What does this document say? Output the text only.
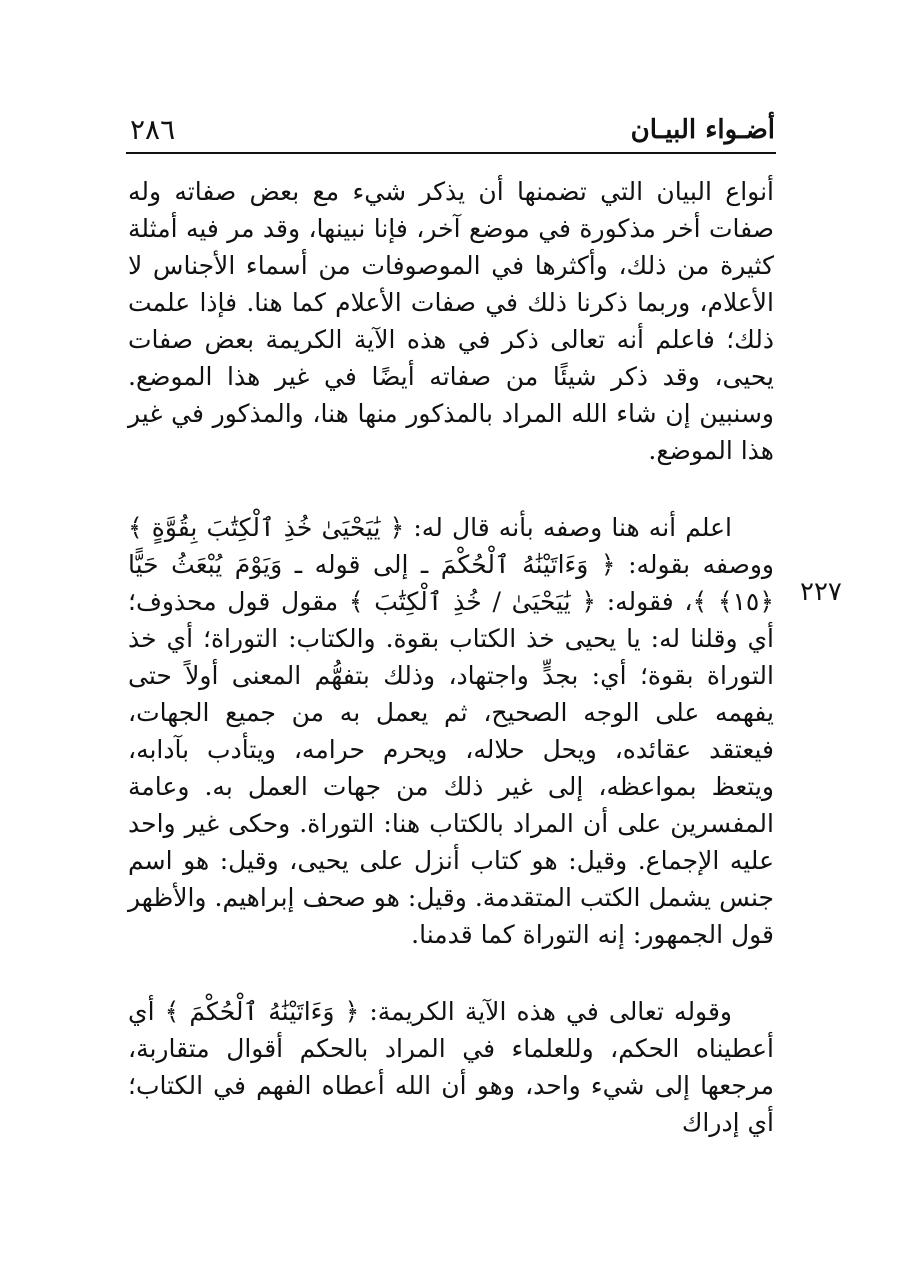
أضـواء البيـان
٢٨٦
٢٢٧

أنواع البيان التي تضمنها أن يذكر شيء مع بعض صفاته وله صفات أخر مذكورة في موضع آخر، فإنا نبينها، وقد مر فيه أمثلة كثيرة من ذلك، وأكثرها في الموصوفات من أسماء الأجناس لا الأعلام، وربما ذكرنا ذلك في صفات الأعلام كما هنا. فإذا علمت ذلك؛ فاعلم أنه تعالى ذكر في هذه الآية الكريمة بعض صفات يحيى، وقد ذكر شيئًا من صفاته أيضًا في غير هذا الموضع. وسنبين إن شاء الله المراد بالمذكور منها هنا، والمذكور في غير هذا الموضع.

اعلم أنه هنا وصفه بأنه قال له: ﴿ يَٰيَحْيَىٰ خُذِ ٱلْكِتَٰبَ بِقُوَّةٍ ﴾ ووصفه بقوله: ﴿ وَءَاتَيْنَٰهُ ٱلْحُكْمَ ـ إلى قوله ـ وَيَوْمَ يُبْعَثُ حَيًّا ﴿١٥﴾ ﴾، فقوله: ﴿ يَٰيَحْيَىٰ / خُذِ ٱلْكِتَٰبَ ﴾ مقول قول محذوف؛ أي وقلنا له: يا يحيى خذ الكتاب بقوة. والكتاب: التوراة؛ أي خذ التوراة بقوة؛ أي: بجدٍّ واجتهاد، وذلك بتفهُّم المعنى أولاً حتى يفهمه على الوجه الصحيح، ثم يعمل به من جميع الجهات، فيعتقد عقائده، ويحل حلاله، ويحرم حرامه، ويتأدب بآدابه، ويتعظ بمواعظه، إلى غير ذلك من جهات العمل به. وعامة المفسرين على أن المراد بالكتاب هنا: التوراة. وحكى غير واحد عليه الإجماع. وقيل: هو كتاب أنزل على يحيى، وقيل: هو اسم جنس يشمل الكتب المتقدمة. وقيل: هو صحف إبراهيم. والأظهر قول الجمهور: إنه التوراة كما قدمنا.

وقوله تعالى في هذه الآية الكريمة: ﴿ وَءَاتَيْنَٰهُ ٱلْحُكْمَ ﴾ أي أعطيناه الحكم، وللعلماء في المراد بالحكم أقوال متقاربة، مرجعها إلى شيء واحد، وهو أن الله أعطاه الفهم في الكتاب؛ أي إدراك
